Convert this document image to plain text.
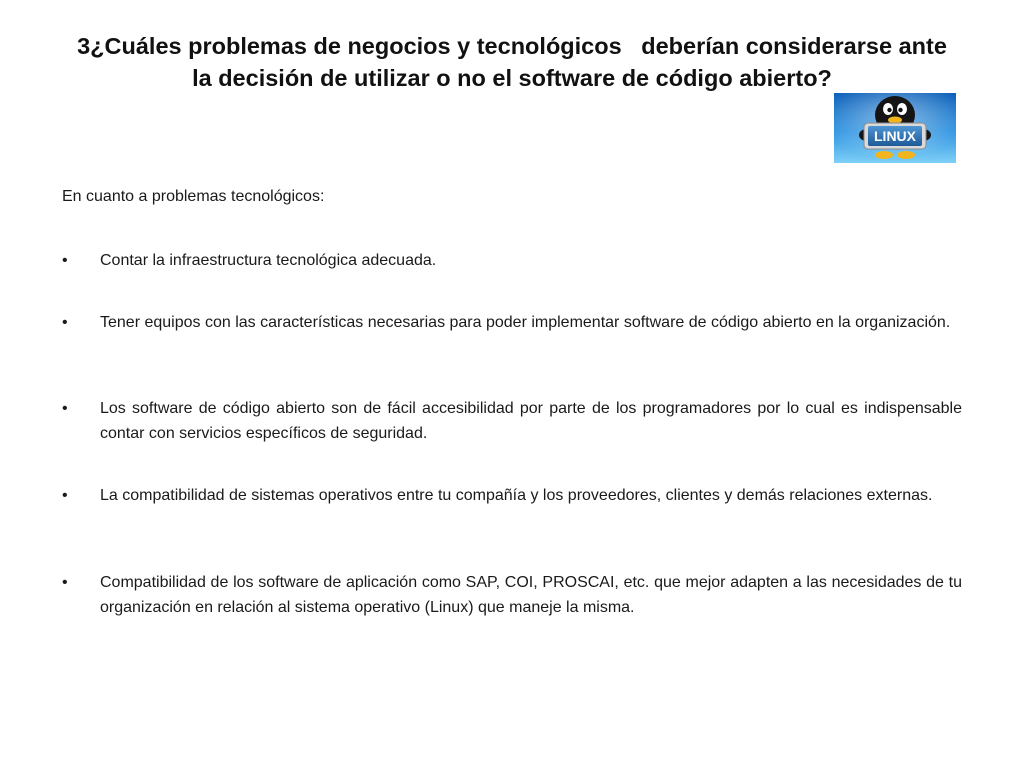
3¿Cuáles problemas de negocios y tecnológicos   deberían considerarse ante
la decisión de utilizar o no el software de código abierto?
LINUX

En cuanto a problemas tecnológicos:

•	Contar la infraestructura tecnológica adecuada.
•	Tener equipos con las características necesarias para poder implementar software de código abierto en la organización.
•	Los software de código abierto son de fácil accesibilidad por parte de los programadores por lo cual es indispensable contar con servicios específicos de seguridad.
•	La compatibilidad de sistemas operativos entre tu compañía y los proveedores, clientes y demás relaciones externas.
•	Compatibilidad de los software de aplicación como SAP, COI, PROSCAI, etc. que mejor adapten a las necesidades de tu organización en relación al sistema operativo (Linux) que maneje la misma.
